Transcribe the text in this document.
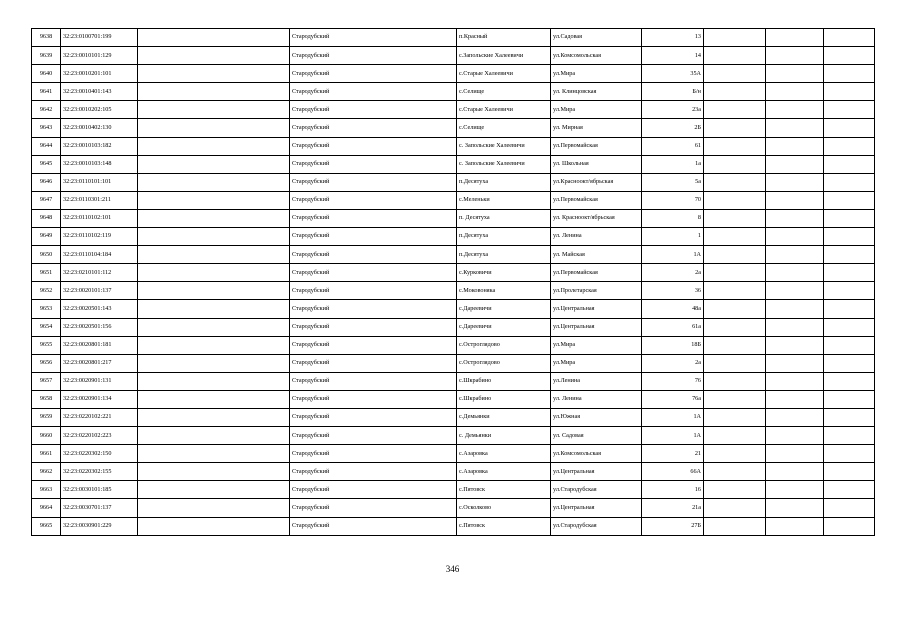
9638	32:23:0100701:199		Стародубский	п.Красный	ул.Садовая	13			
9639	32:23:0010101:129		Стародубский	с.Запольские Халеевичи	ул.Комсомольская	14			
9640	32:23:0010201:101		Стародубский	с.Старые Халеевичи	ул.Мира	35А			
9641	32:23:0010401:143		Стародубский	с.Селище	ул. Клинцовская	Б/н			
9642	32:23:0010202:105		Стародубский	с.Старые Халеевичи	ул.Мира	23а			
9643	32:23:0010402:130		Стародубский	с.Селище	ул. Мирная	2Б			
9644	32:23:0010103:182		Стародубский	с. Запольские Халеевичи	ул.Первомайская	61			
9645	32:23:0010103:148		Стародубский	с. Запольские Халеевичи	ул. Школьная	1а			
9646	32:23:0110101:101		Стародубский	п.Десятуха	ул.Красноокт/ябрьская	5а			
9647	32:23:0110301:211		Стародубский	с.Меленьки	ул.Первомайская	70			
9648	32:23:0110102:101		Стародубский	п. Десятуха	ул. Красноокт/ябрьская	8			
9649	32:23:0110102:119		Стародубский	п.Десятуха	ул. Ленина	1			
9650	32:23:0110104:184		Стародубский	п.Десятуха	ул. Майская	1А			
9651	32:23:0210101:112		Стародубский	с.Курковичи	ул.Первомайская	2а			
9652	32:23:0020101:137		Стародубский	с.Моковоняка	ул.Пролетарская	36			
9653	32:23:0020501:143		Стародубский	с.Дареевичи	ул.Центральная	48а			
9654	32:23:0020501:156		Стародубский	с.Дареевичи	ул.Центральная	61а			
9655	32:23:0020801:181		Стародубский	с.Остроглядово	ул.Мира	18Б			
9656	32:23:0020801:217		Стародубский	с.Остроглядово	ул.Мира	2а			
9657	32:23:0020901:131		Стародубский	с.Шкрабино	ул.Ленина	76			
9658	32:23:0020901:134		Стародубский	с.Шкрабино	ул. Ленина	76а			
9659	32:23:0220102:221		Стародубский	с.Демьянки	ул.Южная	1А			
9660	32:23:0220102:223		Стародубский	с. Демьянки	ул. Садовая	1А			
9661	32:23:0220302:150		Стародубский	с.Азаровка	ул.Комсомольская	21			
9662	32:23:0220302:155		Стародубский	с.Азаровка	ул.Центральная	66А			
9663	32:23:0030101:185		Стародубский	с.Пятовск	ул.Стародубская	16			
9664	32:23:0030701:137		Стародубский	с.Осколково	ул.Центральная	21а			
9665	32:23:0030901:229		Стародубский	с.Пятовск	ул.Стародубская	27Б			
346
